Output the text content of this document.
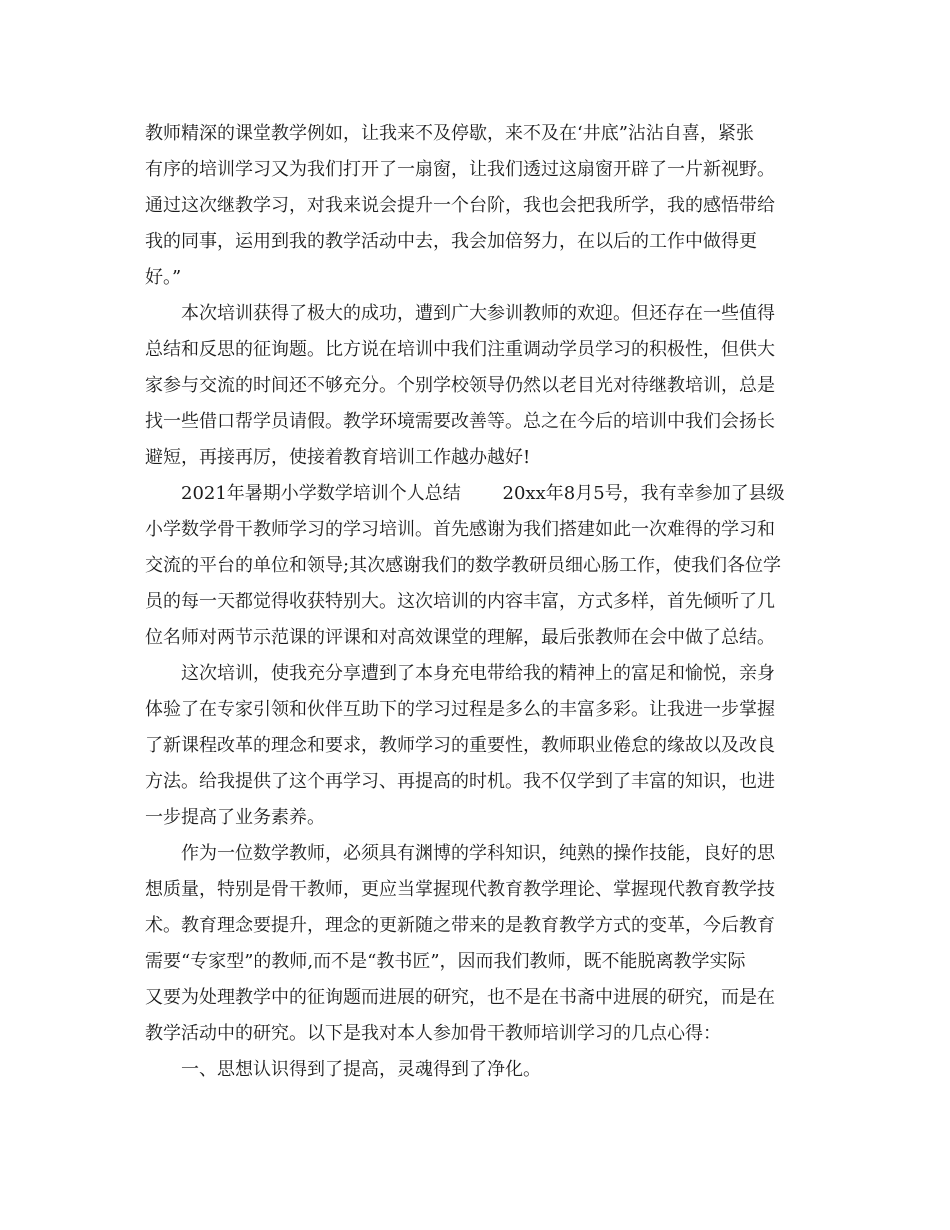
教师精深的课堂教学例如，让我来不及停歇，来不及在‘井底”沾沾自喜，紧张
有序的培训学习又为我们打开了一扇窗，让我们透过这扇窗开辟了一片新视野。
通过这次继教学习，对我来说会提升一个台阶，我也会把我所学，我的感悟带给
我的同事，运用到我的教学活动中去，我会加倍努力，在以后的工作中做得更
好。”
本次培训获得了极大的成功，遭到广大参训教师的欢迎。但还存在一些值得
总结和反思的征询题。比方说在培训中我们注重调动学员学习的积极性，但供大
家参与交流的时间还不够充分。个别学校领导仍然以老目光对待继教培训，总是
找一些借口帮学员请假。教学环境需要改善等。总之在今后的培训中我们会扬长
避短，再接再厉，使接着教育培训工作越办越好!
2021年暑期小学数学培训个人总结　　 20xx年8月5号，我有幸参加了县级
小学数学骨干教师学习的学习培训。首先感谢为我们搭建如此一次难得的学习和
交流的平台的单位和领导;其次感谢我们的数学教研员细心肠工作，使我们各位学
员的每一天都觉得收获特别大。这次培训的内容丰富，方式多样，首先倾听了几
位名师对两节示范课的评课和对高效课堂的理解，最后张教师在会中做了总结。
这次培训，使我充分享遭到了本身充电带给我的精神上的富足和愉悦，亲身
体验了在专家引领和伙伴互助下的学习过程是多么的丰富多彩。让我进一步掌握
了新课程改革的理念和要求，教师学习的重要性，教师职业倦怠的缘故以及改良
方法。给我提供了这个再学习、再提高的时机。我不仅学到了丰富的知识，也进
一步提高了业务素养。
作为一位数学教师，必须具有渊博的学科知识，纯熟的操作技能，良好的思
想质量，特别是骨干教师，更应当掌握现代教育教学理论、掌握现代教育教学技
术。教育理念要提升，理念的更新随之带来的是教育教学方式的变革，今后教育
需要“专家型”的教师,而不是“教书匠”，因而我们教师，既不能脱离教学实际
又要为处理教学中的征询题而进展的研究，也不是在书斋中进展的研究，而是在
教学活动中的研究。以下是我对本人参加骨干教师培训学习的几点心得：
一、思想认识得到了提高，灵魂得到了净化。
